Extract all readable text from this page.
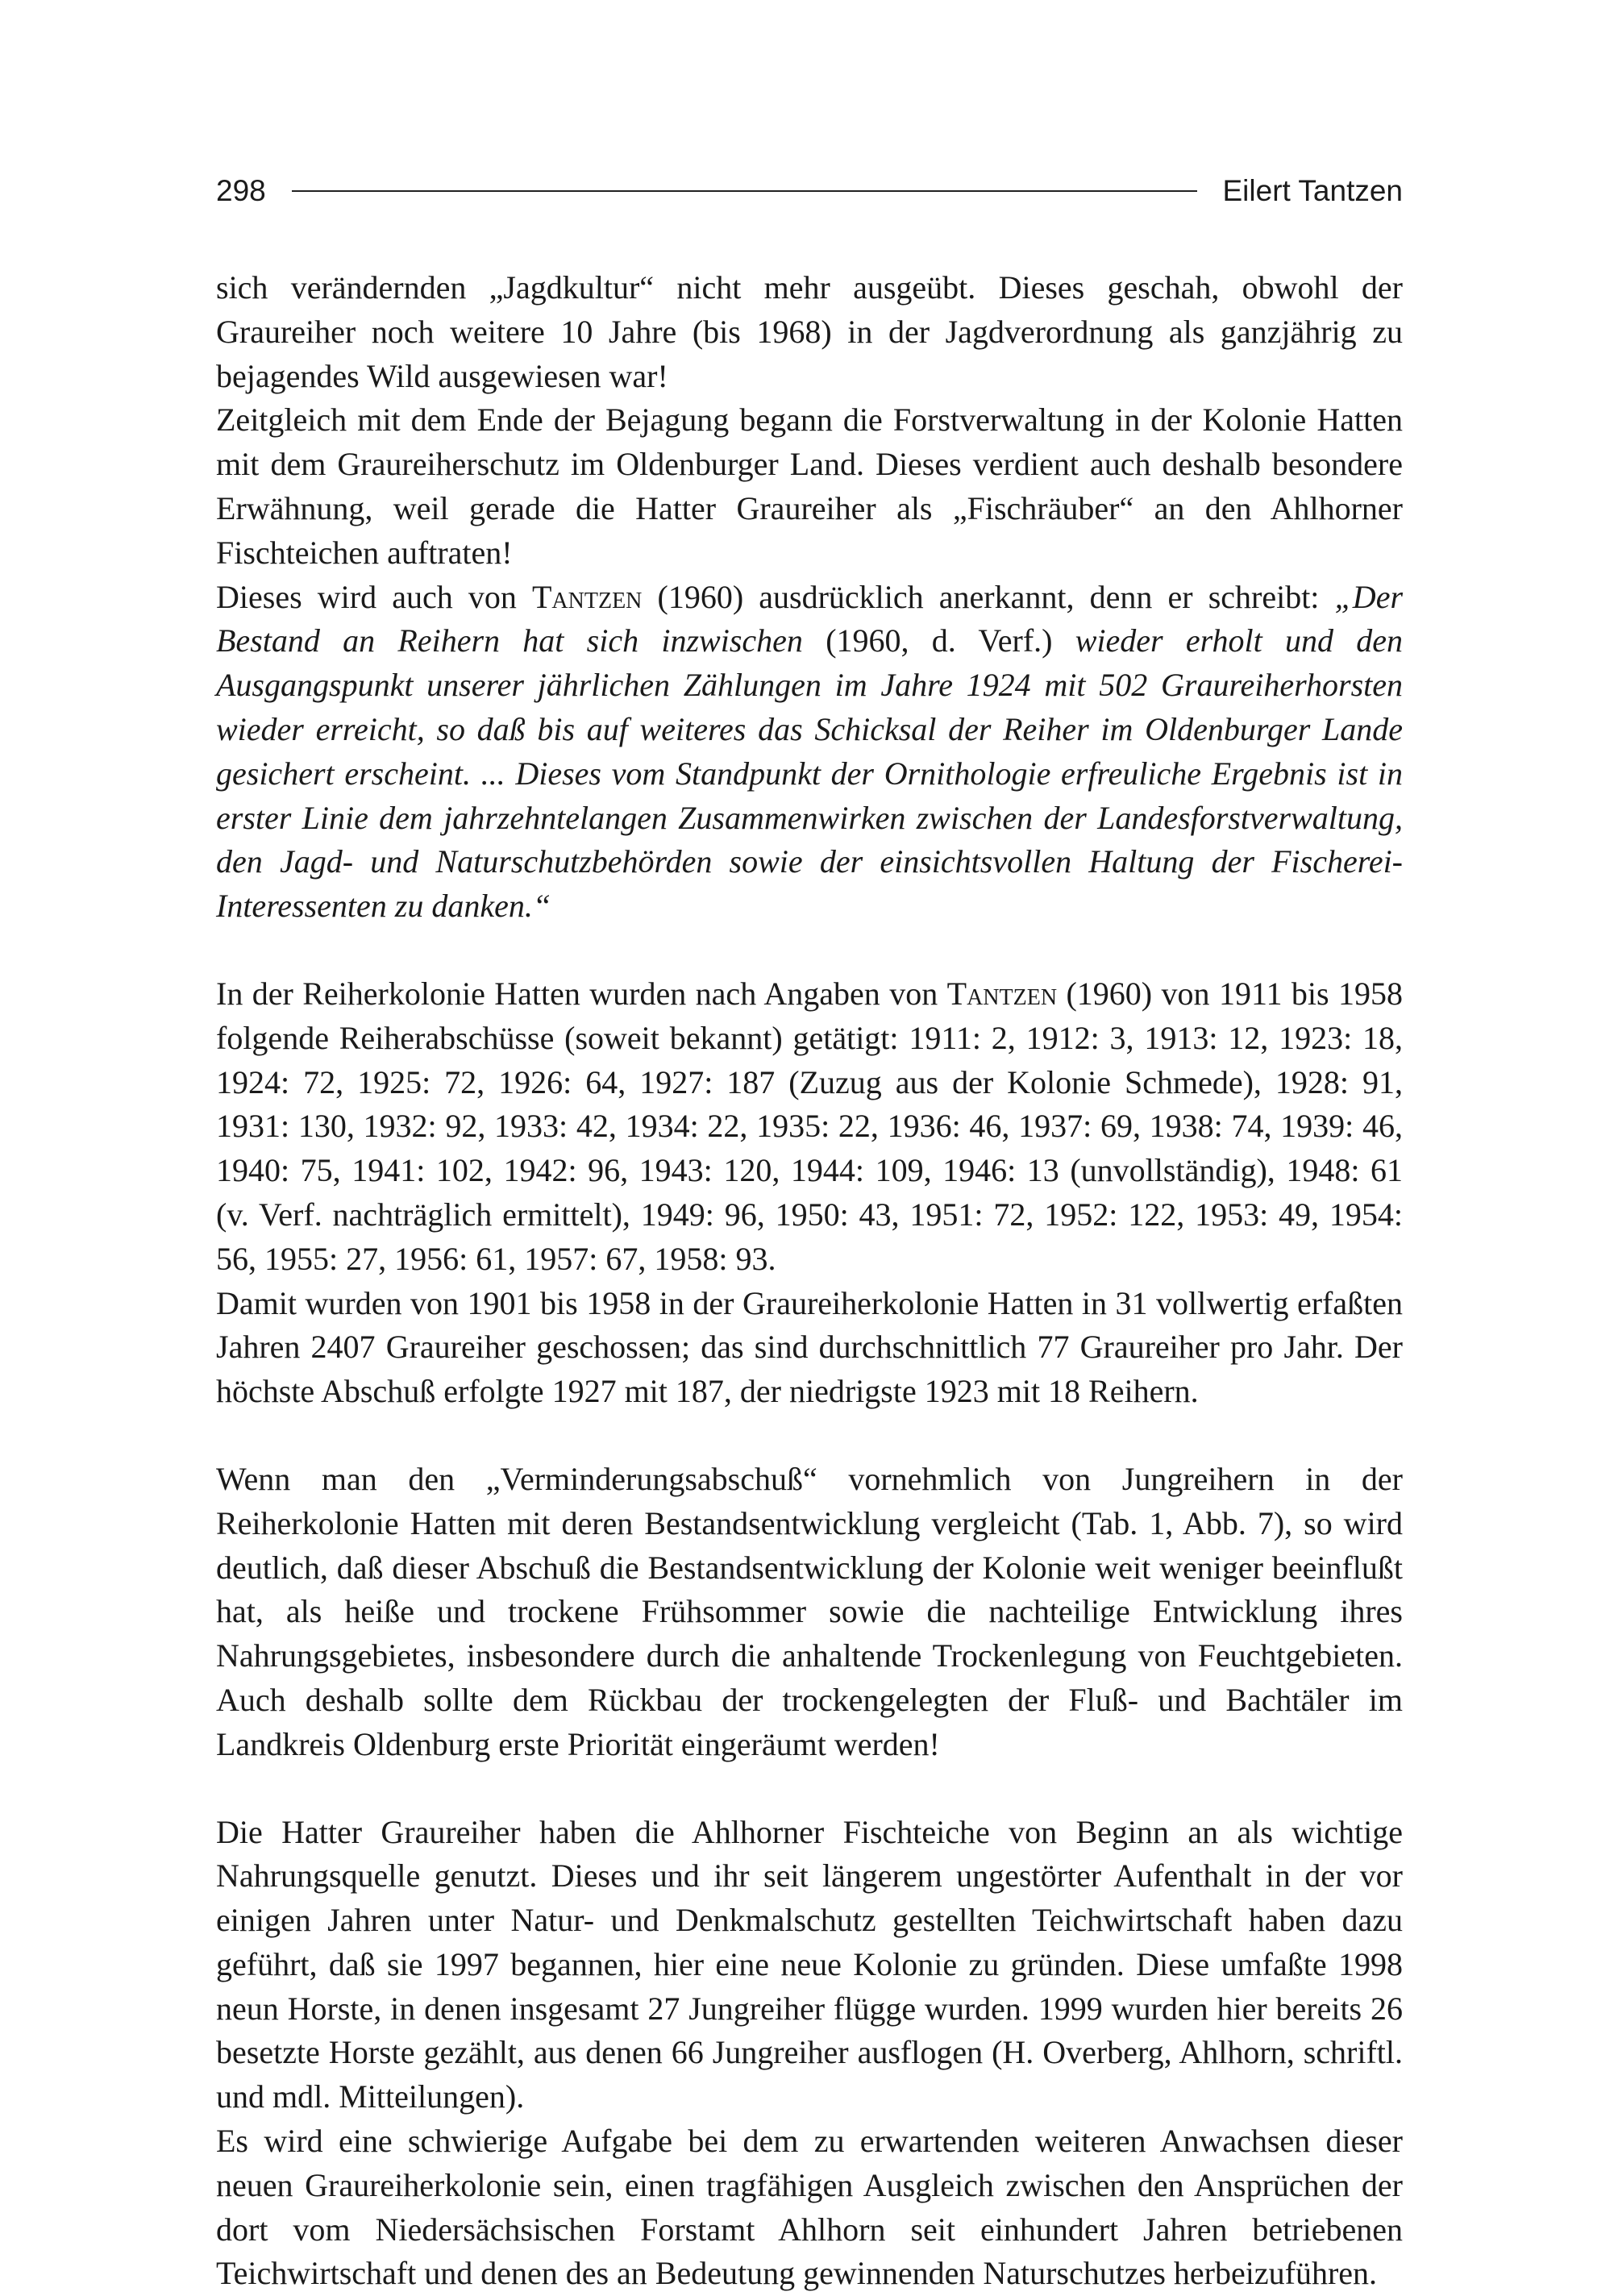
298	Eilert Tantzen

sich verändernden „Jagdkultur“ nicht mehr ausgeübt. Dieses geschah, obwohl der Graureiher noch weitere 10 Jahre (bis 1968) in der Jagdverordnung als ganzjährig zu bejagendes Wild ausgewiesen war!

Zeitgleich mit dem Ende der Bejagung begann die Forstverwaltung in der Kolonie Hatten mit dem Graureiherschutz im Oldenburger Land. Dieses verdient auch deshalb besondere Erwähnung, weil gerade die Hatter Graureiher als „Fischräuber“ an den Ahlhorner Fischteichen auftraten!

Dieses wird auch von Tantzen (1960) ausdrücklich anerkannt, denn er schreibt: „Der Bestand an Reihern hat sich inzwischen (1960, d. Verf.) wieder erholt und den Ausgangspunkt unserer jährlichen Zählungen im Jahre 1924 mit 502 Graureiherhorsten wieder erreicht, so daß bis auf weiteres das Schicksal der Reiher im Oldenburger Lande gesichert erscheint. ... Dieses vom Standpunkt der Ornithologie erfreuliche Ergebnis ist in erster Linie dem jahrzehntelangen Zusammenwirken zwischen der Landesforstverwaltung, den Jagd- und Naturschutzbehörden sowie der einsichtsvollen Haltung der Fischerei-Interessenten zu danken.“

In der Reiherkolonie Hatten wurden nach Angaben von Tantzen (1960) von 1911 bis 1958 folgende Reiherabschüsse (soweit bekannt) getätigt: 1911: 2, 1912: 3, 1913: 12, 1923: 18, 1924: 72, 1925: 72, 1926: 64, 1927: 187 (Zuzug aus der Kolonie Schmede), 1928: 91, 1931: 130, 1932: 92, 1933: 42, 1934: 22, 1935: 22, 1936: 46, 1937: 69, 1938: 74, 1939: 46, 1940: 75, 1941: 102, 1942: 96, 1943: 120, 1944: 109, 1946: 13 (unvollständig), 1948: 61 (v. Verf. nachträglich ermittelt), 1949: 96, 1950: 43, 1951: 72, 1952: 122, 1953: 49, 1954: 56, 1955: 27, 1956: 61, 1957: 67, 1958: 93.

Damit wurden von 1901 bis 1958 in der Graureiherkolonie Hatten in 31 vollwertig erfaßten Jahren 2407 Graureiher geschossen; das sind durchschnittlich 77 Graureiher pro Jahr. Der höchste Abschuß erfolgte 1927 mit 187, der niedrigste 1923 mit 18 Reihern.

Wenn man den „Verminderungsabschuß“ vornehmlich von Jungreihern in der Reiherkolonie Hatten mit deren Bestandsentwicklung vergleicht (Tab. 1, Abb. 7), so wird deutlich, daß dieser Abschuß die Bestandsentwicklung der Kolonie weit weniger beeinflußt hat, als heiße und trockene Frühsommer sowie die nachteilige Entwicklung ihres Nahrungsgebietes, insbesondere durch die anhaltende Trockenlegung von Feuchtgebieten. Auch deshalb sollte dem Rückbau der trockengelegten der Fluß- und Bachtäler im Landkreis Oldenburg erste Priorität eingeräumt werden!

Die Hatter Graureiher haben die Ahlhorner Fischteiche von Beginn an als wichtige Nahrungsquelle genutzt. Dieses und ihr seit längerem ungestörter Aufenthalt in der vor einigen Jahren unter Natur- und Denkmalschutz gestellten Teichwirtschaft haben dazu geführt, daß sie 1997 begannen, hier eine neue Kolonie zu gründen. Diese umfaßte 1998 neun Horste, in denen insgesamt 27 Jungreiher flügge wurden. 1999 wurden hier bereits 26 besetzte Horste gezählt, aus denen 66 Jungreiher ausflogen (H. Overberg, Ahlhorn, schriftl. und mdl. Mitteilungen).

Es wird eine schwierige Aufgabe bei dem zu erwartenden weiteren Anwachsen dieser neuen Graureiherkolonie sein, einen tragfähigen Ausgleich zwischen den Ansprüchen der dort vom Niedersächsischen Forstamt Ahlhorn seit einhundert Jahren betriebenen Teichwirtschaft und denen des an Bedeutung gewinnenden Naturschutzes herbeizuführen.
